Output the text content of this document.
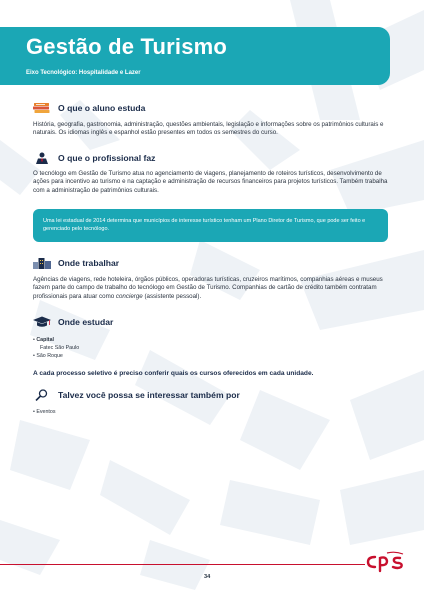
Gestão de Turismo
Eixo Tecnológico: Hospitalidade e Lazer
O que o aluno estuda

História, geografia, gastronomia, administração, questões ambientais, legislação e informações sobre os patrimônios culturais e naturais. Os idiomas inglês e espanhol estão presentes em todos os semestres do curso.

O que o profissional faz

O tecnólogo em Gestão de Turismo atua no agenciamento de viagens, planejamento de roteiros turísticos, desenvolvimento de ações para incentivo ao turismo e na captação e administração de recursos financeiros para projetos turísticos. Também trabalha com a administração de patrimônios culturais.

Uma lei estadual de 2014 determina que municípios de interesse turístico tenham um Plano Diretor de Turismo, que pode ser feito e gerenciado pelo tecnólogo.

Onde trabalhar

Agências de viagens, rede hoteleira, órgãos públicos, operadoras turísticas, cruzeiros marítimos, companhias aéreas e museus fazem parte do campo de trabalho do tecnólogo em Gestão de Turismo. Companhias de cartão de crédito também contratam profissionais para atuar como concierge (assistente pessoal).

Onde estudar
• Capital
Fatec São Paulo
• São Roque
A cada processo seletivo é preciso conferir quais os cursos oferecidos em cada unidade.
Talvez você possa se interessar também por
• Eventos
34
